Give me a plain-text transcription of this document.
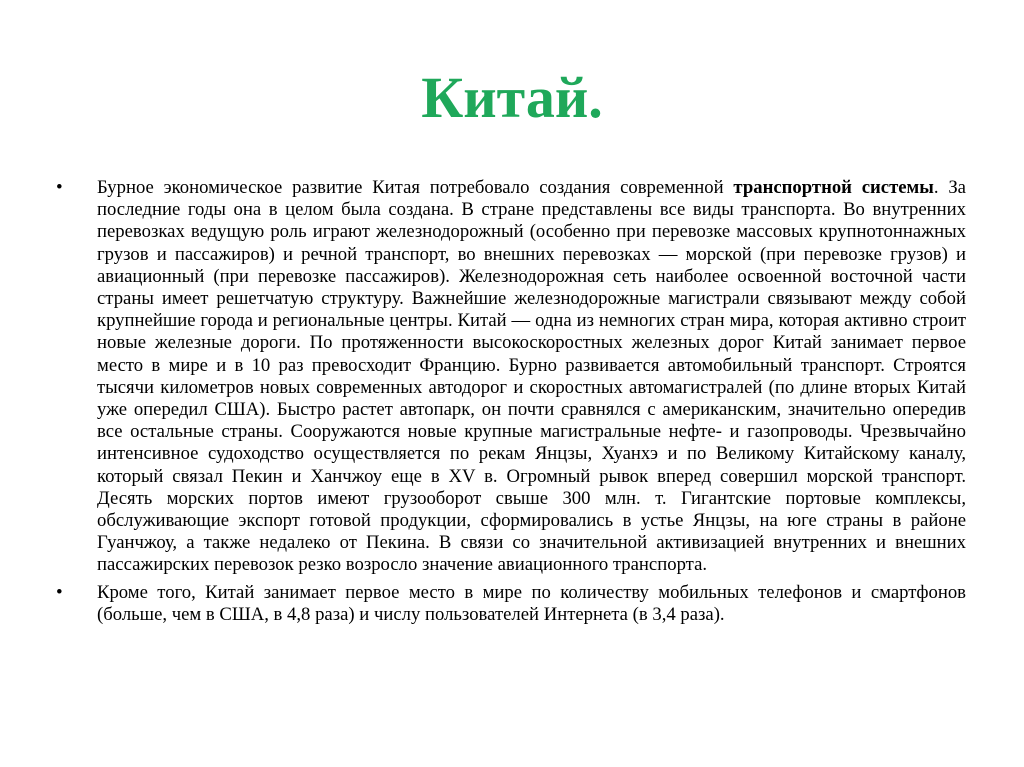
Китай.
• Бурное экономическое развитие Китая потребовало создания современной транспортной системы. За последние годы она в целом была создана. В стране представлены все виды транспорта. Во внутренних перевозках ведущую роль играют железнодорожный (особенно при перевозке массовых крупнотоннажных грузов и пассажиров) и речной транспорт, во внешних перевозках — морской (при перевозке грузов) и авиационный (при перевозке пассажиров). Железнодорожная сеть наиболее освоенной восточной части страны имеет решетчатую структуру. Важнейшие железнодорожные магистрали связывают между собой крупнейшие города и региональные центры. Китай — одна из немногих стран мира, которая активно строит новые железные дороги. По протяженности высокоскоростных железных дорог Китай занимает первое место в мире и в 10 раз превосходит Францию. Бурно развивается автомобильный транспорт. Строятся тысячи километров новых современных автодорог и скоростных автомагистралей (по длине вторых Китай уже опередил США). Быстро растет автопарк, он почти сравнялся с американским, значительно опередив все остальные страны. Сооружаются новые крупные магистральные нефте- и газопроводы. Чрезвычайно интенсивное судоходство осуществляется по рекам Янцзы, Хуанхэ и по Великому Китайскому каналу, который связал Пекин и Ханчжоу еще в XV в. Огромный рывок вперед совершил морской транспорт. Десять морских портов имеют грузооборот свыше 300 млн. т. Гигантские портовые комплексы, обслуживающие экспорт готовой продукции, сформировались в устье Янцзы, на юге страны в районе Гуанчжоу, а также недалеко от Пекина. В связи со значительной активизацией внутренних и внешних пассажирских перевозок резко возросло значение авиационного транспорта.
• Кроме того, Китай занимает первое место в мире по количеству мобильных телефонов и смартфонов (больше, чем в США, в 4,8 раза) и числу пользователей Интернета (в 3,4 раза).
